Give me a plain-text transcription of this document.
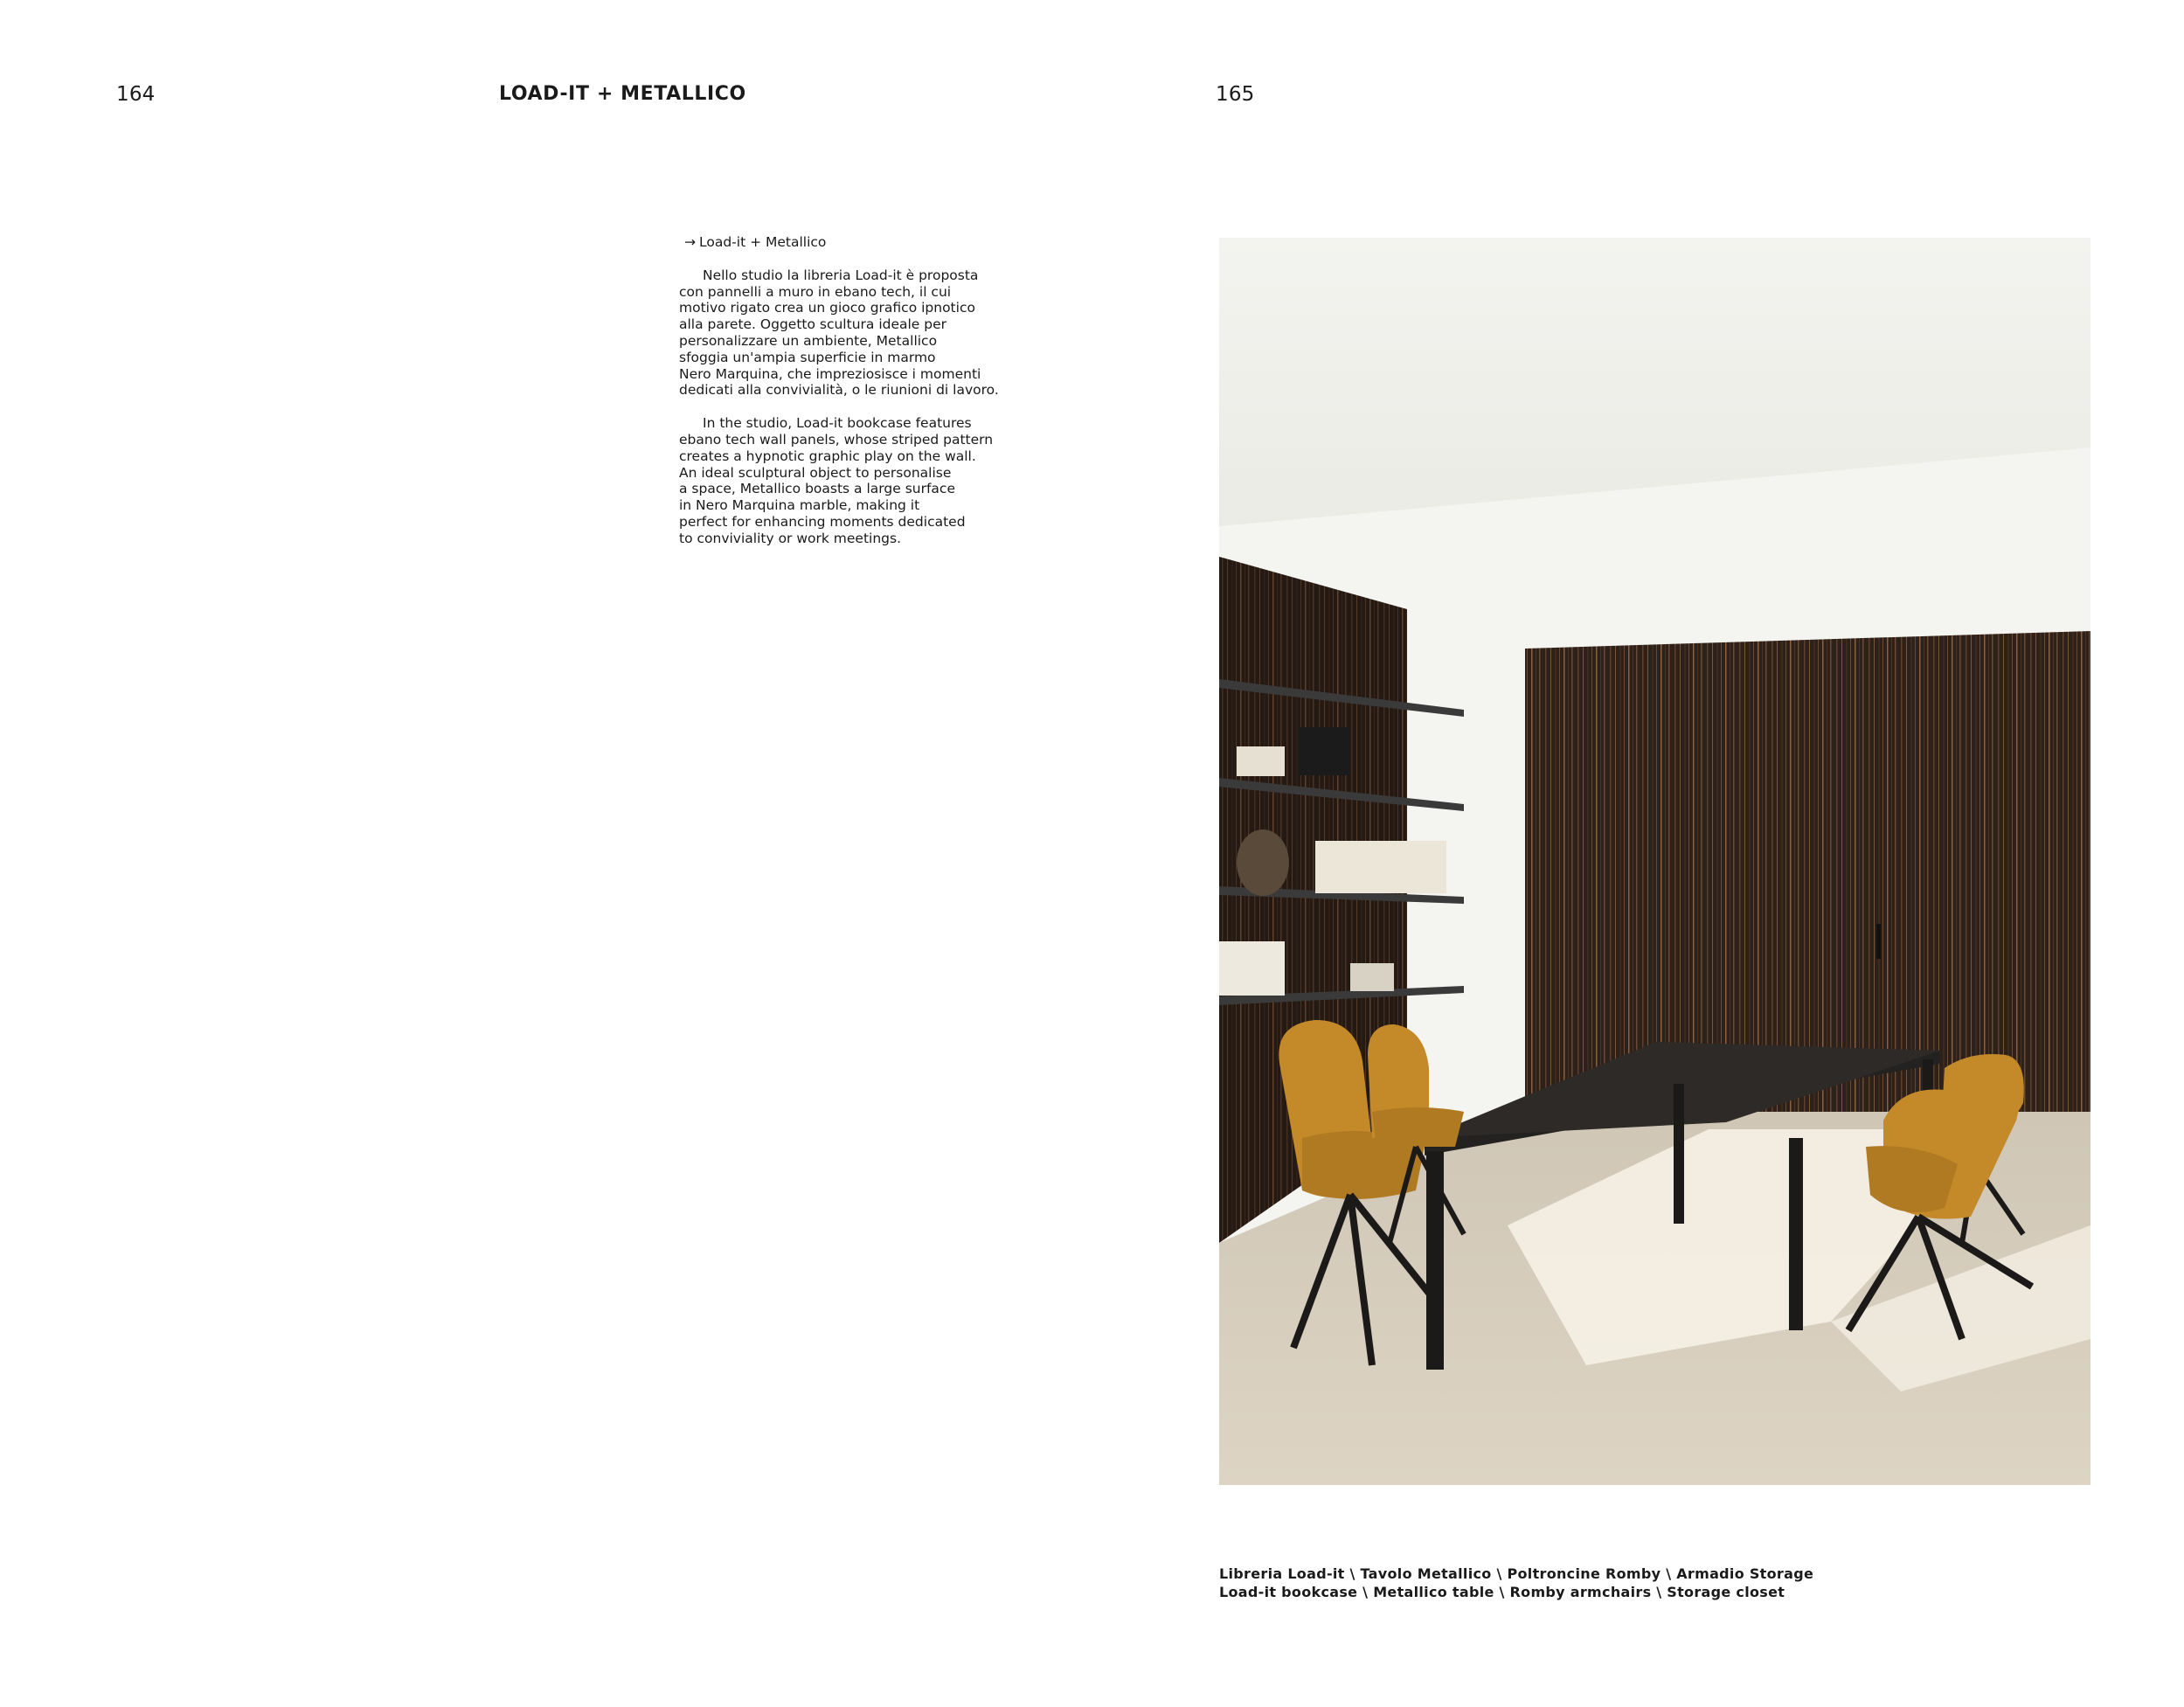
164	LOAD-IT + METALLICO	165
→ Load-it + Metallico
Nello studio la libreria Load-it è proposta
con pannelli a muro in ebano tech, il cui
motivo rigato crea un gioco grafico ipnotico
alla parete. Oggetto scultura ideale per
personalizzare un ambiente, Metallico
sfoggia un'ampia superficie in marmo
Nero Marquina, che impreziosisce i momenti
dedicati alla convivialità, o le riunioni di lavoro.
In the studio, Load-it bookcase features
ebano tech wall panels, whose striped pattern
creates a hypnotic graphic play on the wall.
An ideal sculptural object to personalise
a space, Metallico boasts a large surface
in Nero Marquina marble, making it
perfect for enhancing moments dedicated
to conviviality or work meetings.
Libreria Load-it \ Tavolo Metallico \ Poltroncine Romby \ Armadio Storage
Load-it bookcase \ Metallico table \ Romby armchairs \ Storage closet
